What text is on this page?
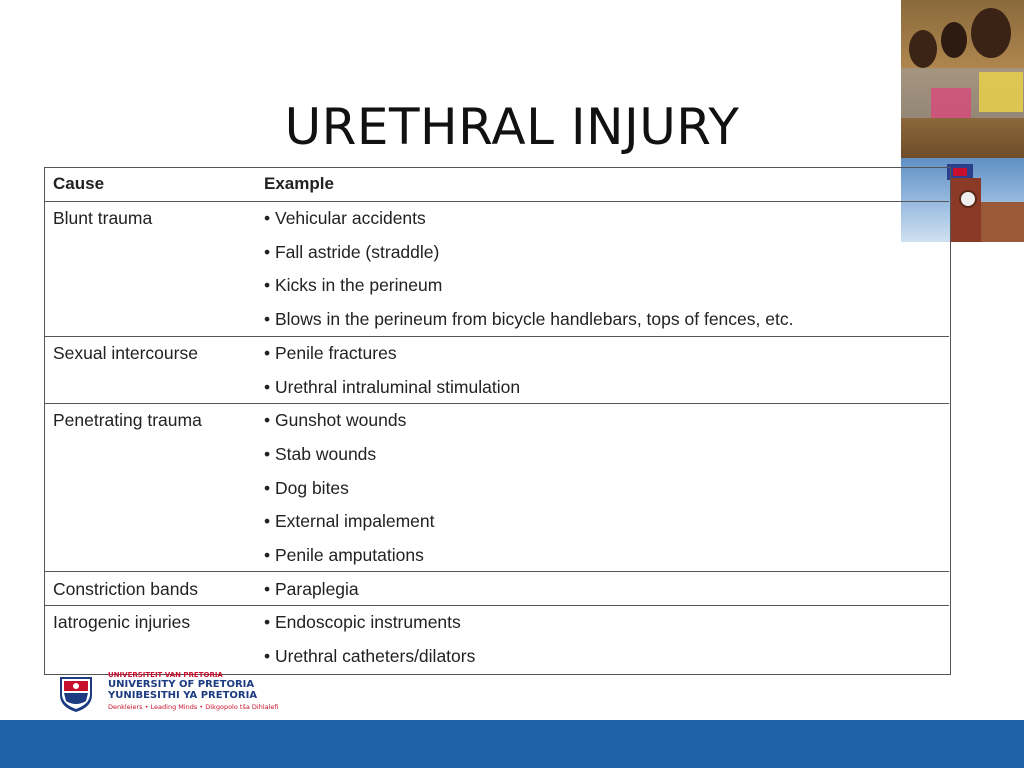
URETHRAL INJURY
Cause	Example
Blunt trauma	• Vehicular accidents
• Fall astride (straddle)
• Kicks in the perineum
• Blows in the perineum from bicycle handlebars, tops of fences, etc.
Sexual intercourse	• Penile fractures
• Urethral intraluminal stimulation
Penetrating trauma	• Gunshot wounds
• Stab wounds
• Dog bites
• External impalement
• Penile amputations
Constriction bands	• Paraplegia
Iatrogenic injuries	• Endoscopic instruments
• Urethral catheters/dilators
UNIVERSITEIT VAN PRETORIA
UNIVERSITY OF PRETORIA
YUNIBESITHI YA PRETORIA
Denkleiers • Leading Minds • Dikgopolo tša Dihlalefi
